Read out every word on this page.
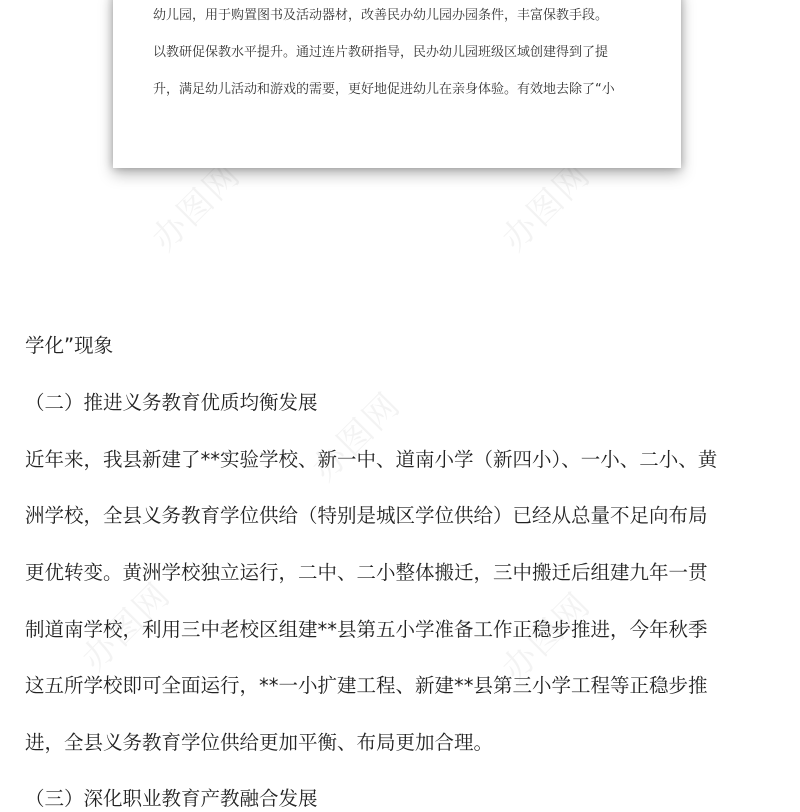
办图网	办图网
办图网
办图网	办图网
幼儿园，用于购置图书及活动器材，改善民办幼儿园办园条件，丰富保教手段。
以教研促保教水平提升。通过连片教研指导，民办幼儿园班级区域创建得到了提
升，满足幼儿活动和游戏的需要，更好地促进幼儿在亲身体验。有效地去除了“小
学化”现象
（二）推进义务教育优质均衡发展
近年来，我县新建了**实验学校、新一中、道南小学（新四小）、一小、二小、黄
洲学校，全县义务教育学位供给（特别是城区学位供给）已经从总量不足向布局
更优转变。黄洲学校独立运行，二中、二小整体搬迁，三中搬迁后组建九年一贯
制道南学校，利用三中老校区组建**县第五小学准备工作正稳步推进，今年秋季
这五所学校即可全面运行，**一小扩建工程、新建**县第三小学工程等正稳步推
进，全县义务教育学位供给更加平衡、布局更加合理。
（三）深化职业教育产教融合发展
